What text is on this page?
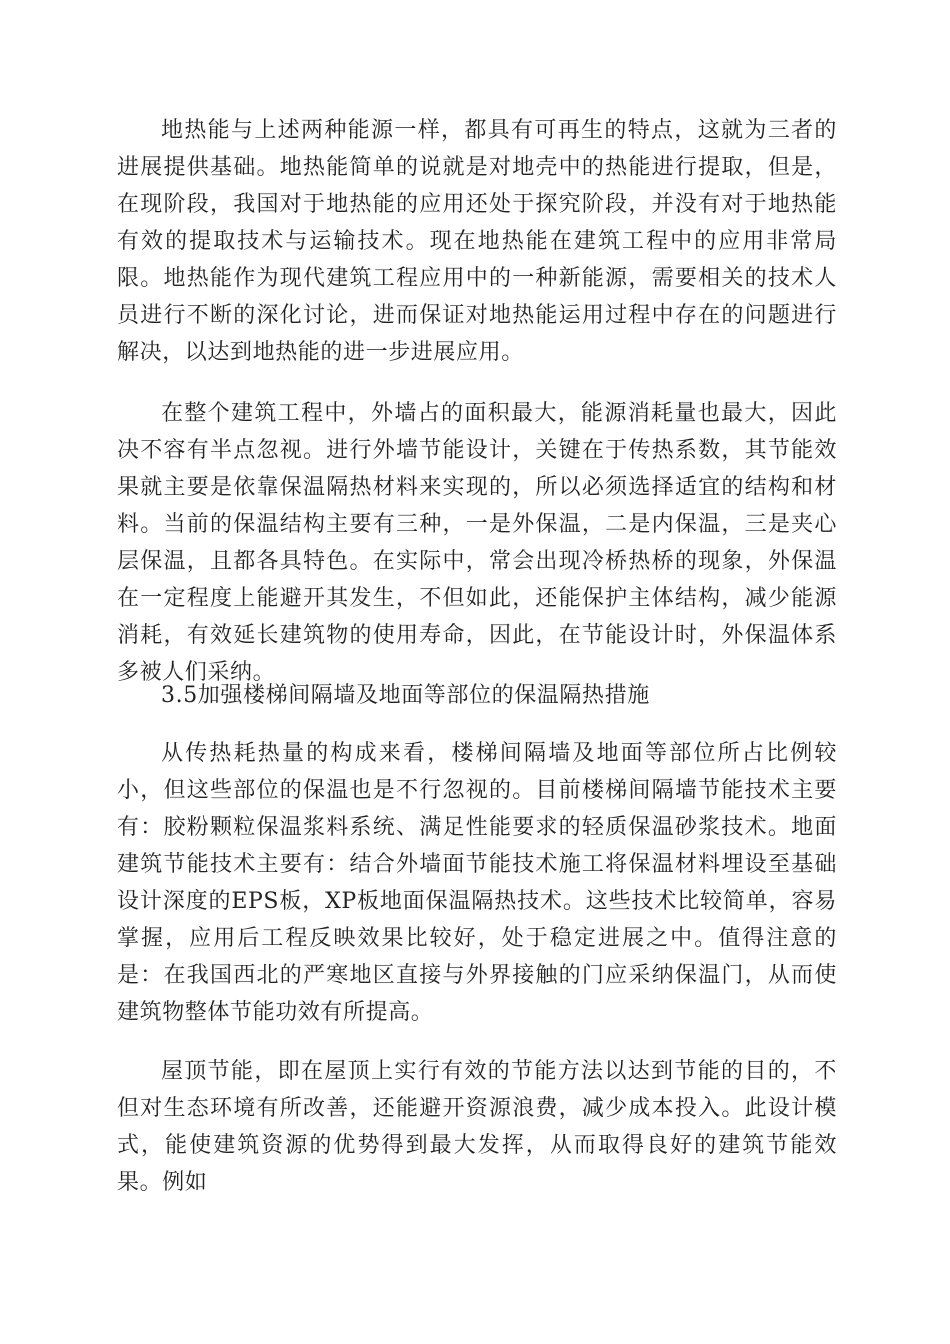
地热能与上述两种能源一样，都具有可再生的特点，这就为三者的进展提供基础。地热能简单的说就是对地壳中的热能进行提取，但是，在现阶段，我国对于地热能的应用还处于探究阶段，并没有对于地热能有效的提取技术与运输技术。现在地热能在建筑工程中的应用非常局限。地热能作为现代建筑工程应用中的一种新能源，需要相关的技术人员进行不断的深化讨论，进而保证对地热能运用过程中存在的问题进行解决，以达到地热能的进一步进展应用。

在整个建筑工程中，外墙占的面积最大，能源消耗量也最大，因此决不容有半点忽视。进行外墙节能设计，关键在于传热系数，其节能效果就主要是依靠保温隔热材料来实现的，所以必须选择适宜的结构和材料。当前的保温结构主要有三种，一是外保温，二是内保温，三是夹心层保温，且都各具特色。在实际中，常会出现冷桥热桥的现象，外保温在一定程度上能避开其发生，不但如此，还能保护主体结构，减少能源消耗，有效延长建筑物的使用寿命，因此，在节能设计时，外保温体系多被人们采纳。

3.5加强楼梯间隔墙及地面等部位的保温隔热措施

从传热耗热量的构成来看，楼梯间隔墙及地面等部位所占比例较小，但这些部位的保温也是不行忽视的。目前楼梯间隔墙节能技术主要有：胶粉颗粒保温浆料系统、满足性能要求的轻质保温砂浆技术。地面建筑节能技术主要有：结合外墙面节能技术施工将保温材料埋设至基础设计深度的EPS板，XP板地面保温隔热技术。这些技术比较简单，容易掌握，应用后工程反映效果比较好，处于稳定进展之中。值得注意的是：在我国西北的严寒地区直接与外界接触的门应采纳保温门，从而使建筑物整体节能功效有所提高。

屋顶节能，即在屋顶上实行有效的节能方法以达到节能的目的，不但对生态环境有所改善，还能避开资源浪费，减少成本投入。此设计模式，能使建筑资源的优势得到最大发挥，从而取得良好的建筑节能效果。例如
